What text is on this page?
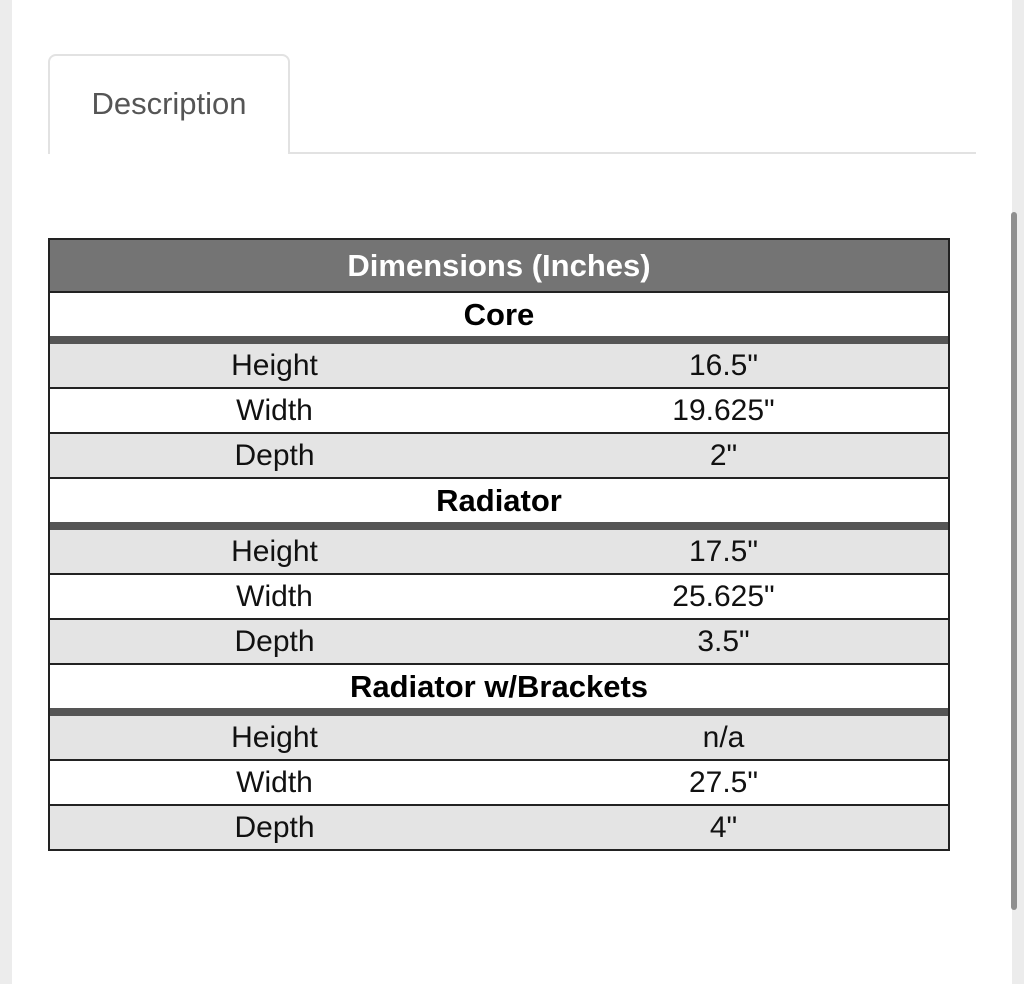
Description
Dimensions (Inches)
Core
Height	16.5"
Width	19.625"
Depth	2"
Radiator
Height	17.5"
Width	25.625"
Depth	3.5"
Radiator w/Brackets
Height	n/a
Width	27.5"
Depth	4"
